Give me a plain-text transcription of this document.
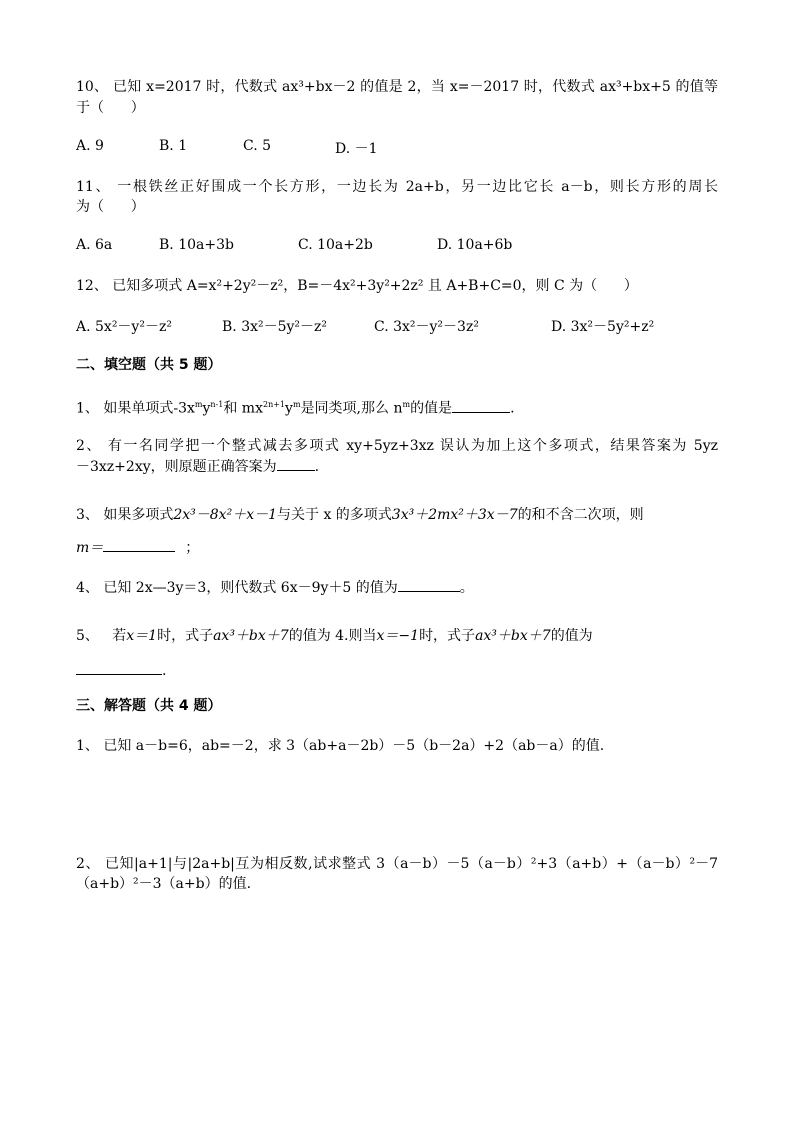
10、 已知 x=2017 时，代数式 ax³+bx－2 的值是 2，当 x=－2017 时，代数式 ax³+bx+5 的值等
于（      ）
A. 9	B. 1	C. 5	D. －1
11、 一根铁丝正好围成一个长方形，一边长为 2a+b，另一边比它长 a－b，则长方形的周长
为（      ）
A. 6a	B. 10a+3b	C. 10a+2b	D. 10a+6b
12、 已知多项式 A=x²+2y²－z²，B=－4x²+3y²+2z² 且 A+B+C=0，则 C 为（      ）
A. 5x²－y²－z²	B. 3x²－5y²－z²	C. 3x²－y²－3z²	D. 3x²－5y²+z²
二、填空题（共 5 题）
1、 如果单项式$-3x^my^{n-1}$和 $mx^{2n+1}y^m$是同类项,那么 $n^m$的值是	.
2、 有一名同学把一个整式减去多项式 xy+5yz+3xz 误认为加上这个多项式，结果答案为 5yz
－3xz+2xy，则原题正确答案为	.
3、 如果多项式2x³－8x²＋x－1与关于 x 的多项式3x³＋2mx²＋3x－7的和不含二次项，则
m＝	；
4、 已知 2x—3y＝3，则代数式 6x－9y＋5 的值为	。
5、   若x＝1时，式子ax³＋bx＋7的值为 4.则当x＝−1时，式子ax³＋bx＋7的值为
.
三、解答题（共 4 题）
1、 已知 a－b=6，ab=－2，求 3（ab+a－2b）－5（b－2a）+2（ab－a）的值.
2、 已知|a+1|与|2a+b|互为相反数,试求整式 3（a－b）－5（a－b）²+3（a+b）+（a－b）²－7
（a+b）²－3（a+b）的值.
